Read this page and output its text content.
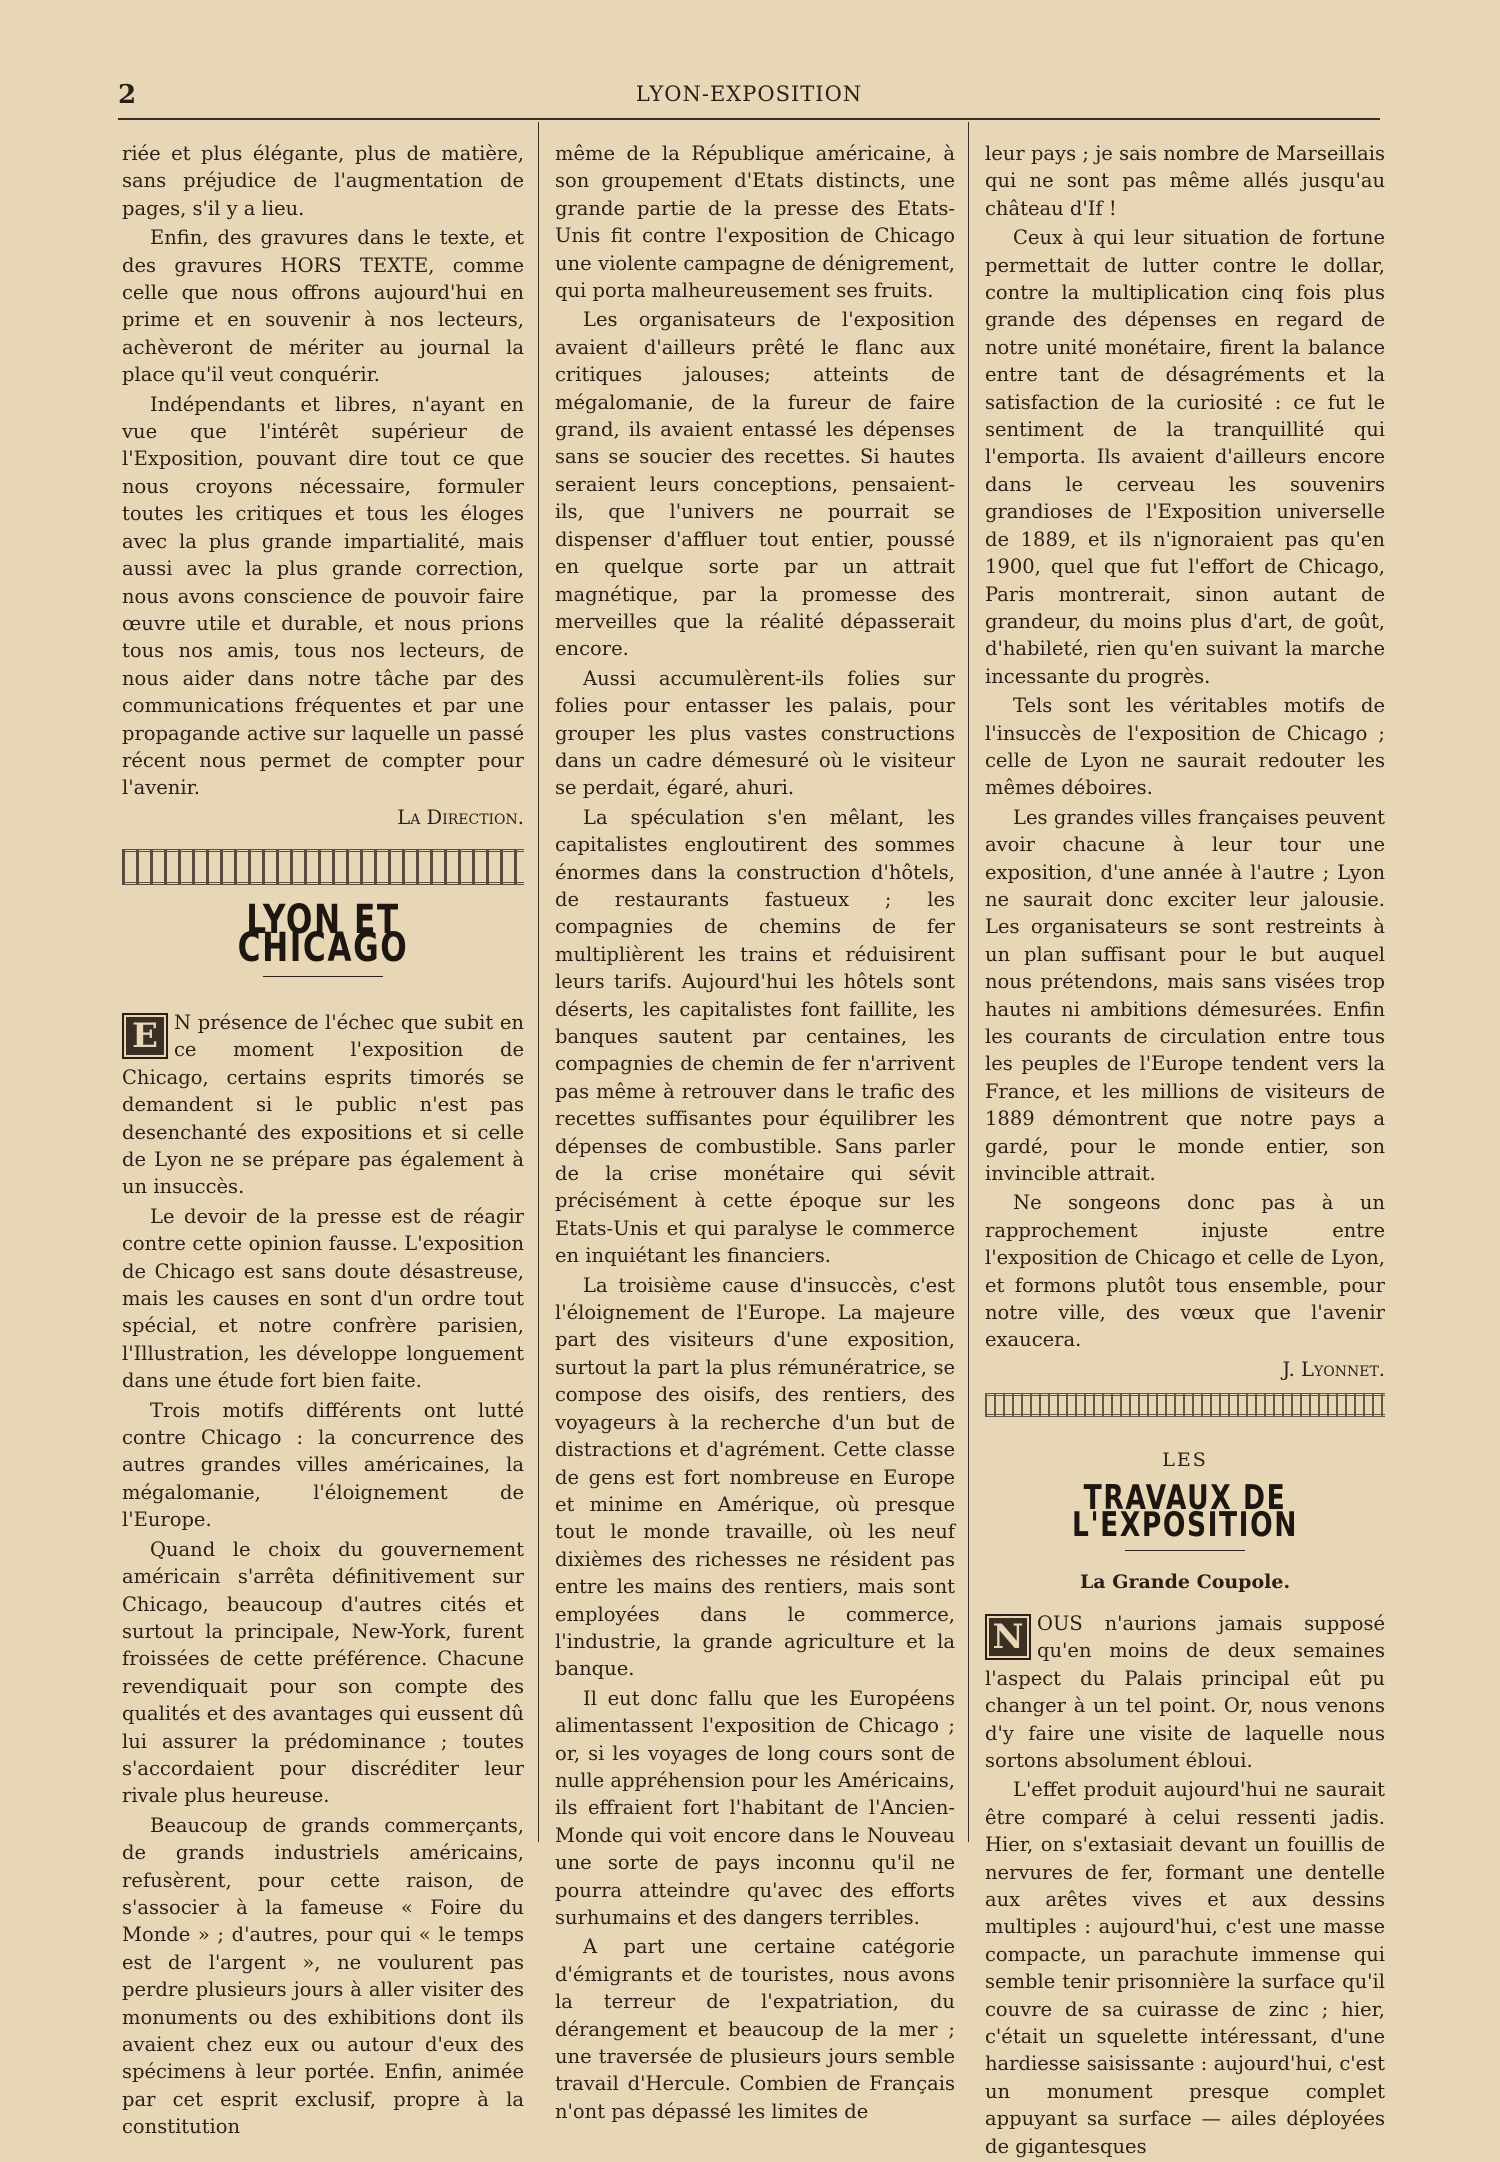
2	LYON-EXPOSITION

riée et plus élégante, plus de matière, sans préjudice de l'augmentation de pages, s'il y a lieu.

Enfin, des gravures dans le texte, et des gravures HORS TEXTE, comme celle que nous offrons aujourd'hui en prime et en souvenir à nos lecteurs, achèveront de mériter au journal la place qu'il veut conquérir.

Indépendants et libres, n'ayant en vue que l'intérêt supérieur de l'Exposition, pouvant dire tout ce que nous croyons nécessaire, formuler toutes les critiques et tous les éloges avec la plus grande impartialité, mais aussi avec la plus grande correction, nous avons conscience de pouvoir faire œuvre utile et durable, et nous prions tous nos amis, tous nos lecteurs, de nous aider dans notre tâche par des communications fréquentes et par une propagande active sur laquelle un passé récent nous permet de compter pour l'avenir.

La Direction.
LYON ET CHICAGO

E N présence de l'échec que subit en ce moment l'exposition de Chicago, certains esprits timorés se demandent si le public n'est pas desenchanté des expositions et si celle de Lyon ne se prépare pas également à un insuccès.

Le devoir de la presse est de réagir contre cette opinion fausse. L'exposition de Chicago est sans doute désastreuse, mais les causes en sont d'un ordre tout spécial, et notre confrère parisien, l'Illustration, les développe longuement dans une étude fort bien faite.

Trois motifs différents ont lutté contre Chicago : la concurrence des autres grandes villes américaines, la mégalomanie, l'éloignement de l'Europe.

Quand le choix du gouvernement américain s'arrêta définitivement sur Chicago, beaucoup d'autres cités et surtout la principale, New-York, furent froissées de cette préférence. Chacune revendiquait pour son compte des qualités et des avantages qui eussent dû lui assurer la prédominance ; toutes s'accordaient pour discréditer leur rivale plus heureuse.

Beaucoup de grands commerçants, de grands industriels américains, refusèrent, pour cette raison, de s'associer à la fameuse « Foire du Monde » ; d'autres, pour qui « le temps est de l'argent », ne voulurent pas perdre plusieurs jours à aller visiter des monuments ou des exhibitions dont ils avaient chez eux ou autour d'eux des spécimens à leur portée. Enfin, animée par cet esprit exclusif, propre à la constitution

même de la République américaine, à son groupement d'Etats distincts, une grande partie de la presse des Etats-Unis fit contre l'exposition de Chicago une violente campagne de dénigrement, qui porta malheureusement ses fruits.

Les organisateurs de l'exposition avaient d'ailleurs prêté le flanc aux critiques jalouses; atteints de mégalomanie, de la fureur de faire grand, ils avaient entassé les dépenses sans se soucier des recettes. Si hautes seraient leurs conceptions, pensaient-ils, que l'univers ne pourrait se dispenser d'affluer tout entier, poussé en quelque sorte par un attrait magnétique, par la promesse des merveilles que la réalité dépasserait encore.

Aussi accumulèrent-ils folies sur folies pour entasser les palais, pour grouper les plus vastes constructions dans un cadre démesuré où le visiteur se perdait, égaré, ahuri.

La spéculation s'en mêlant, les capitalistes engloutirent des sommes énormes dans la construction d'hôtels, de restaurants fastueux ; les compagnies de chemins de fer multiplièrent les trains et réduisirent leurs tarifs. Aujourd'hui les hôtels sont déserts, les capitalistes font faillite, les banques sautent par centaines, les compagnies de chemin de fer n'arrivent pas même à retrouver dans le trafic des recettes suffisantes pour équilibrer les dépenses de combustible. Sans parler de la crise monétaire qui sévit précisément à cette époque sur les Etats-Unis et qui paralyse le commerce en inquiétant les financiers.

La troisième cause d'insuccès, c'est l'éloignement de l'Europe. La majeure part des visiteurs d'une exposition, surtout la part la plus rémunératrice, se compose des oisifs, des rentiers, des voyageurs à la recherche d'un but de distractions et d'agrément. Cette classe de gens est fort nombreuse en Europe et minime en Amérique, où presque tout le monde travaille, où les neuf dixièmes des richesses ne résident pas entre les mains des rentiers, mais sont employées dans le commerce, l'industrie, la grande agriculture et la banque.

Il eut donc fallu que les Européens alimentassent l'exposition de Chicago ; or, si les voyages de long cours sont de nulle appréhension pour les Américains, ils effraient fort l'habitant de l'Ancien-Monde qui voit encore dans le Nouveau une sorte de pays inconnu qu'il ne pourra atteindre qu'avec des efforts surhumains et des dangers terribles.

A part une certaine catégorie d'émigrants et de touristes, nous avons la terreur de l'expatriation, du dérangement et beaucoup de la mer ; une traversée de plusieurs jours semble travail d'Hercule. Combien de Français n'ont pas dépassé les limites de

leur pays ; je sais nombre de Marseillais qui ne sont pas même allés jusqu'au château d'If !

Ceux à qui leur situation de fortune permettait de lutter contre le dollar, contre la multiplication cinq fois plus grande des dépenses en regard de notre unité monétaire, firent la balance entre tant de désagréments et la satisfaction de la curiosité : ce fut le sentiment de la tranquillité qui l'emporta. Ils avaient d'ailleurs encore dans le cerveau les souvenirs grandioses de l'Exposition universelle de 1889, et ils n'ignoraient pas qu'en 1900, quel que fut l'effort de Chicago, Paris montrerait, sinon autant de grandeur, du moins plus d'art, de goût, d'habileté, rien qu'en suivant la marche incessante du progrès.

Tels sont les véritables motifs de l'insuccès de l'exposition de Chicago ; celle de Lyon ne saurait redouter les mêmes déboires.

Les grandes villes françaises peuvent avoir chacune à leur tour une exposition, d'une année à l'autre ; Lyon ne saurait donc exciter leur jalousie. Les organisateurs se sont restreints à un plan suffisant pour le but auquel nous prétendons, mais sans visées trop hautes ni ambitions démesurées. Enfin les courants de circulation entre tous les peuples de l'Europe tendent vers la France, et les millions de visiteurs de 1889 démontrent que notre pays a gardé, pour le monde entier, son invincible attrait.

Ne songeons donc pas à un rapprochement injuste entre l'exposition de Chicago et celle de Lyon, et formons plutôt tous ensemble, pour notre ville, des vœux que l'avenir exaucera.

J. Lyonnet.
LES
TRAVAUX DE L'EXPOSITION
La Grande Coupole.

N OUS n'aurions jamais supposé qu'en moins de deux semaines l'aspect du Palais principal eût pu changer à un tel point. Or, nous venons d'y faire une visite de laquelle nous sortons absolument ébloui.

L'effet produit aujourd'hui ne saurait être comparé à celui ressenti jadis. Hier, on s'extasiait devant un fouillis de nervures de fer, formant une dentelle aux arêtes vives et aux dessins multiples : aujourd'hui, c'est une masse compacte, un parachute immense qui semble tenir prisonnière la surface qu'il couvre de sa cuirasse de zinc ; hier, c'était un squelette intéressant, d'une hardiesse saisissante : aujourd'hui, c'est un monument presque complet appuyant sa surface — ailes déployées de gigantesques
